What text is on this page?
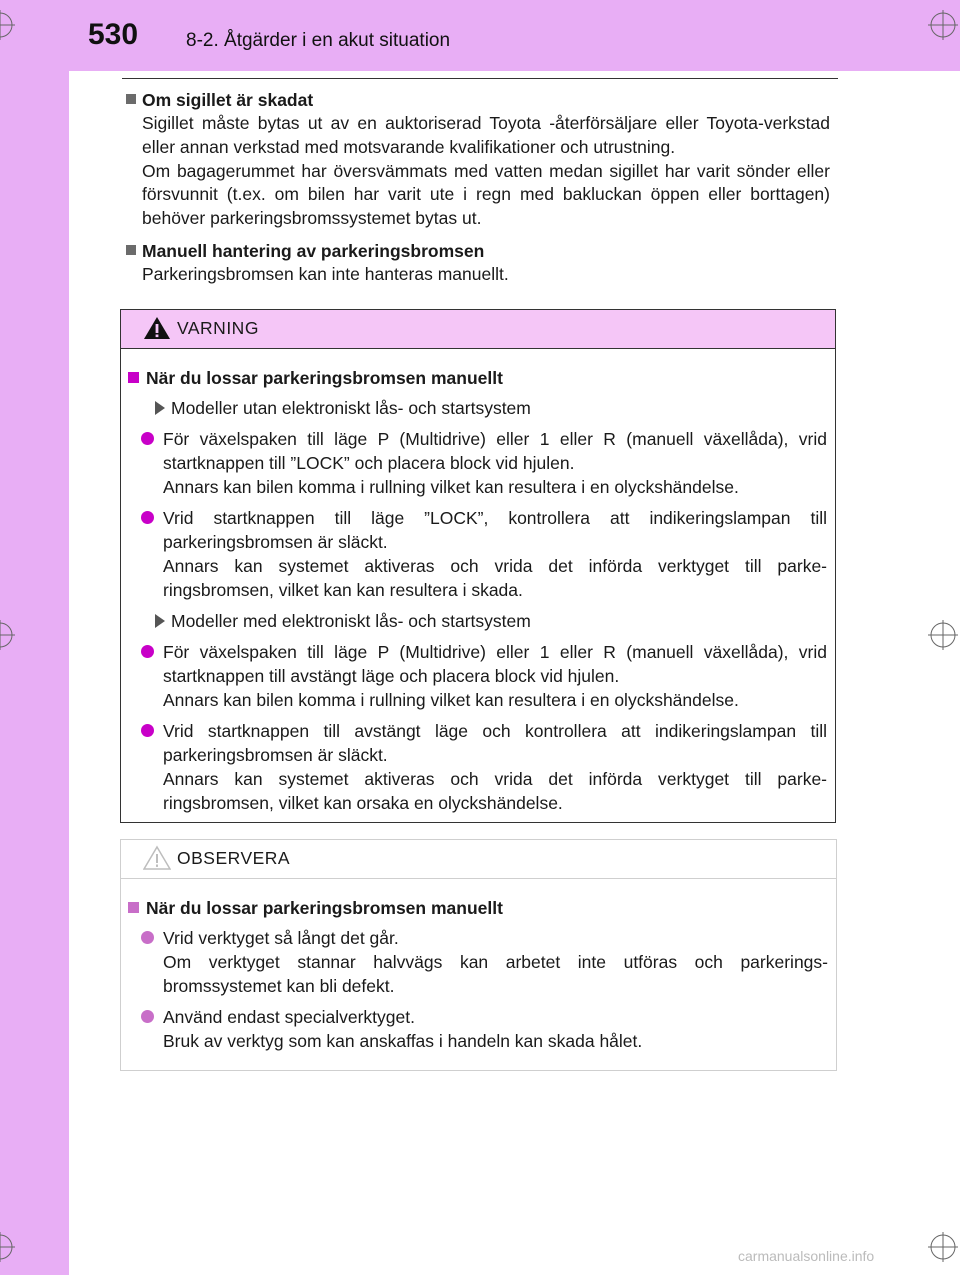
530	8-2. Åtgärder i en akut situation
Om sigillet är skadat

Sigillet måste bytas ut av en auktoriserad Toyota -återförsäljare eller Toyota-verkstad eller annan verkstad med motsvarande kvalifikationer och utrustning.

Om bagagerummet har översvämmats med vatten medan sigillet har varit sönder eller försvunnit (t.ex. om bilen har varit ute i regn med bakluckan öppen eller borttagen) behöver parkeringsbromssystemet bytas ut.

Manuell hantering av parkeringsbromsen

Parkeringsbromsen kan inte hanteras manuellt.

VARNING
När du lossar parkeringsbromsen manuellt
Modeller utan elektroniskt lås- och startsystem
För växelspaken till läge P (Multidrive) eller 1 eller R (manuell växellåda), vrid startknappen till ”LOCK” och placera block vid hjulen.
Annars kan bilen komma i rullning vilket kan resultera i en olyckshändelse.
Vrid startknappen till läge ”LOCK”, kontrollera att indikeringslampan till parkeringsbromsen är släckt.
Annars kan systemet aktiveras och vrida det införda verktyget till parke-ringsbromsen, vilket kan kan resultera i skada.
Modeller med elektroniskt lås- och startsystem
För växelspaken till läge P (Multidrive) eller 1 eller R (manuell växellåda), vrid startknappen till avstängt läge och placera block vid hjulen.
Annars kan bilen komma i rullning vilket kan resultera i en olyckshändelse.
Vrid startknappen till avstängt läge och kontrollera att indikeringslampan till parkeringsbromsen är släckt.
Annars kan systemet aktiveras och vrida det införda verktyget till parke-ringsbromsen, vilket kan orsaka en olyckshändelse.
OBSERVERA
När du lossar parkeringsbromsen manuellt
Vrid verktyget så långt det går.
Om verktyget stannar halvvägs kan arbetet inte utföras och parkerings-bromssystemet kan bli defekt.
Använd endast specialverktyget.
Bruk av verktyg som kan anskaffas i handeln kan skada hålet.
carmanualsonline.info
